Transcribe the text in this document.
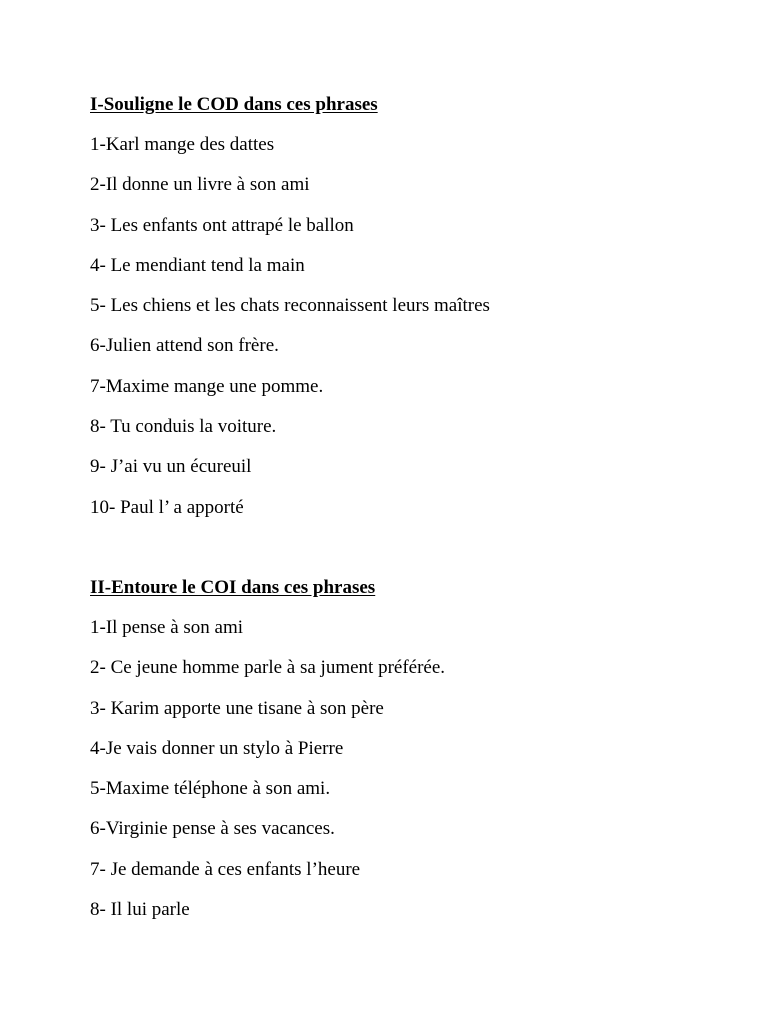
I-Souligne le COD dans ces phrases
1-Karl mange des dattes
2-Il donne un livre à son ami
3- Les enfants ont attrapé le ballon
4- Le mendiant tend la main
5- Les chiens et les chats reconnaissent leurs maîtres
6-Julien attend son frère.
7-Maxime mange une pomme.
8- Tu conduis la voiture.
9- J’ai vu un écureuil
10- Paul l’ a apporté
II-Entoure le COI dans ces phrases
1-Il pense à son ami
2- Ce jeune homme parle à sa jument préférée.
3- Karim apporte une tisane à son père
4-Je vais donner un stylo à Pierre
5-Maxime téléphone à son ami.
6-Virginie pense à ses vacances.
7- Je demande à ces enfants l’heure
8- Il lui parle
